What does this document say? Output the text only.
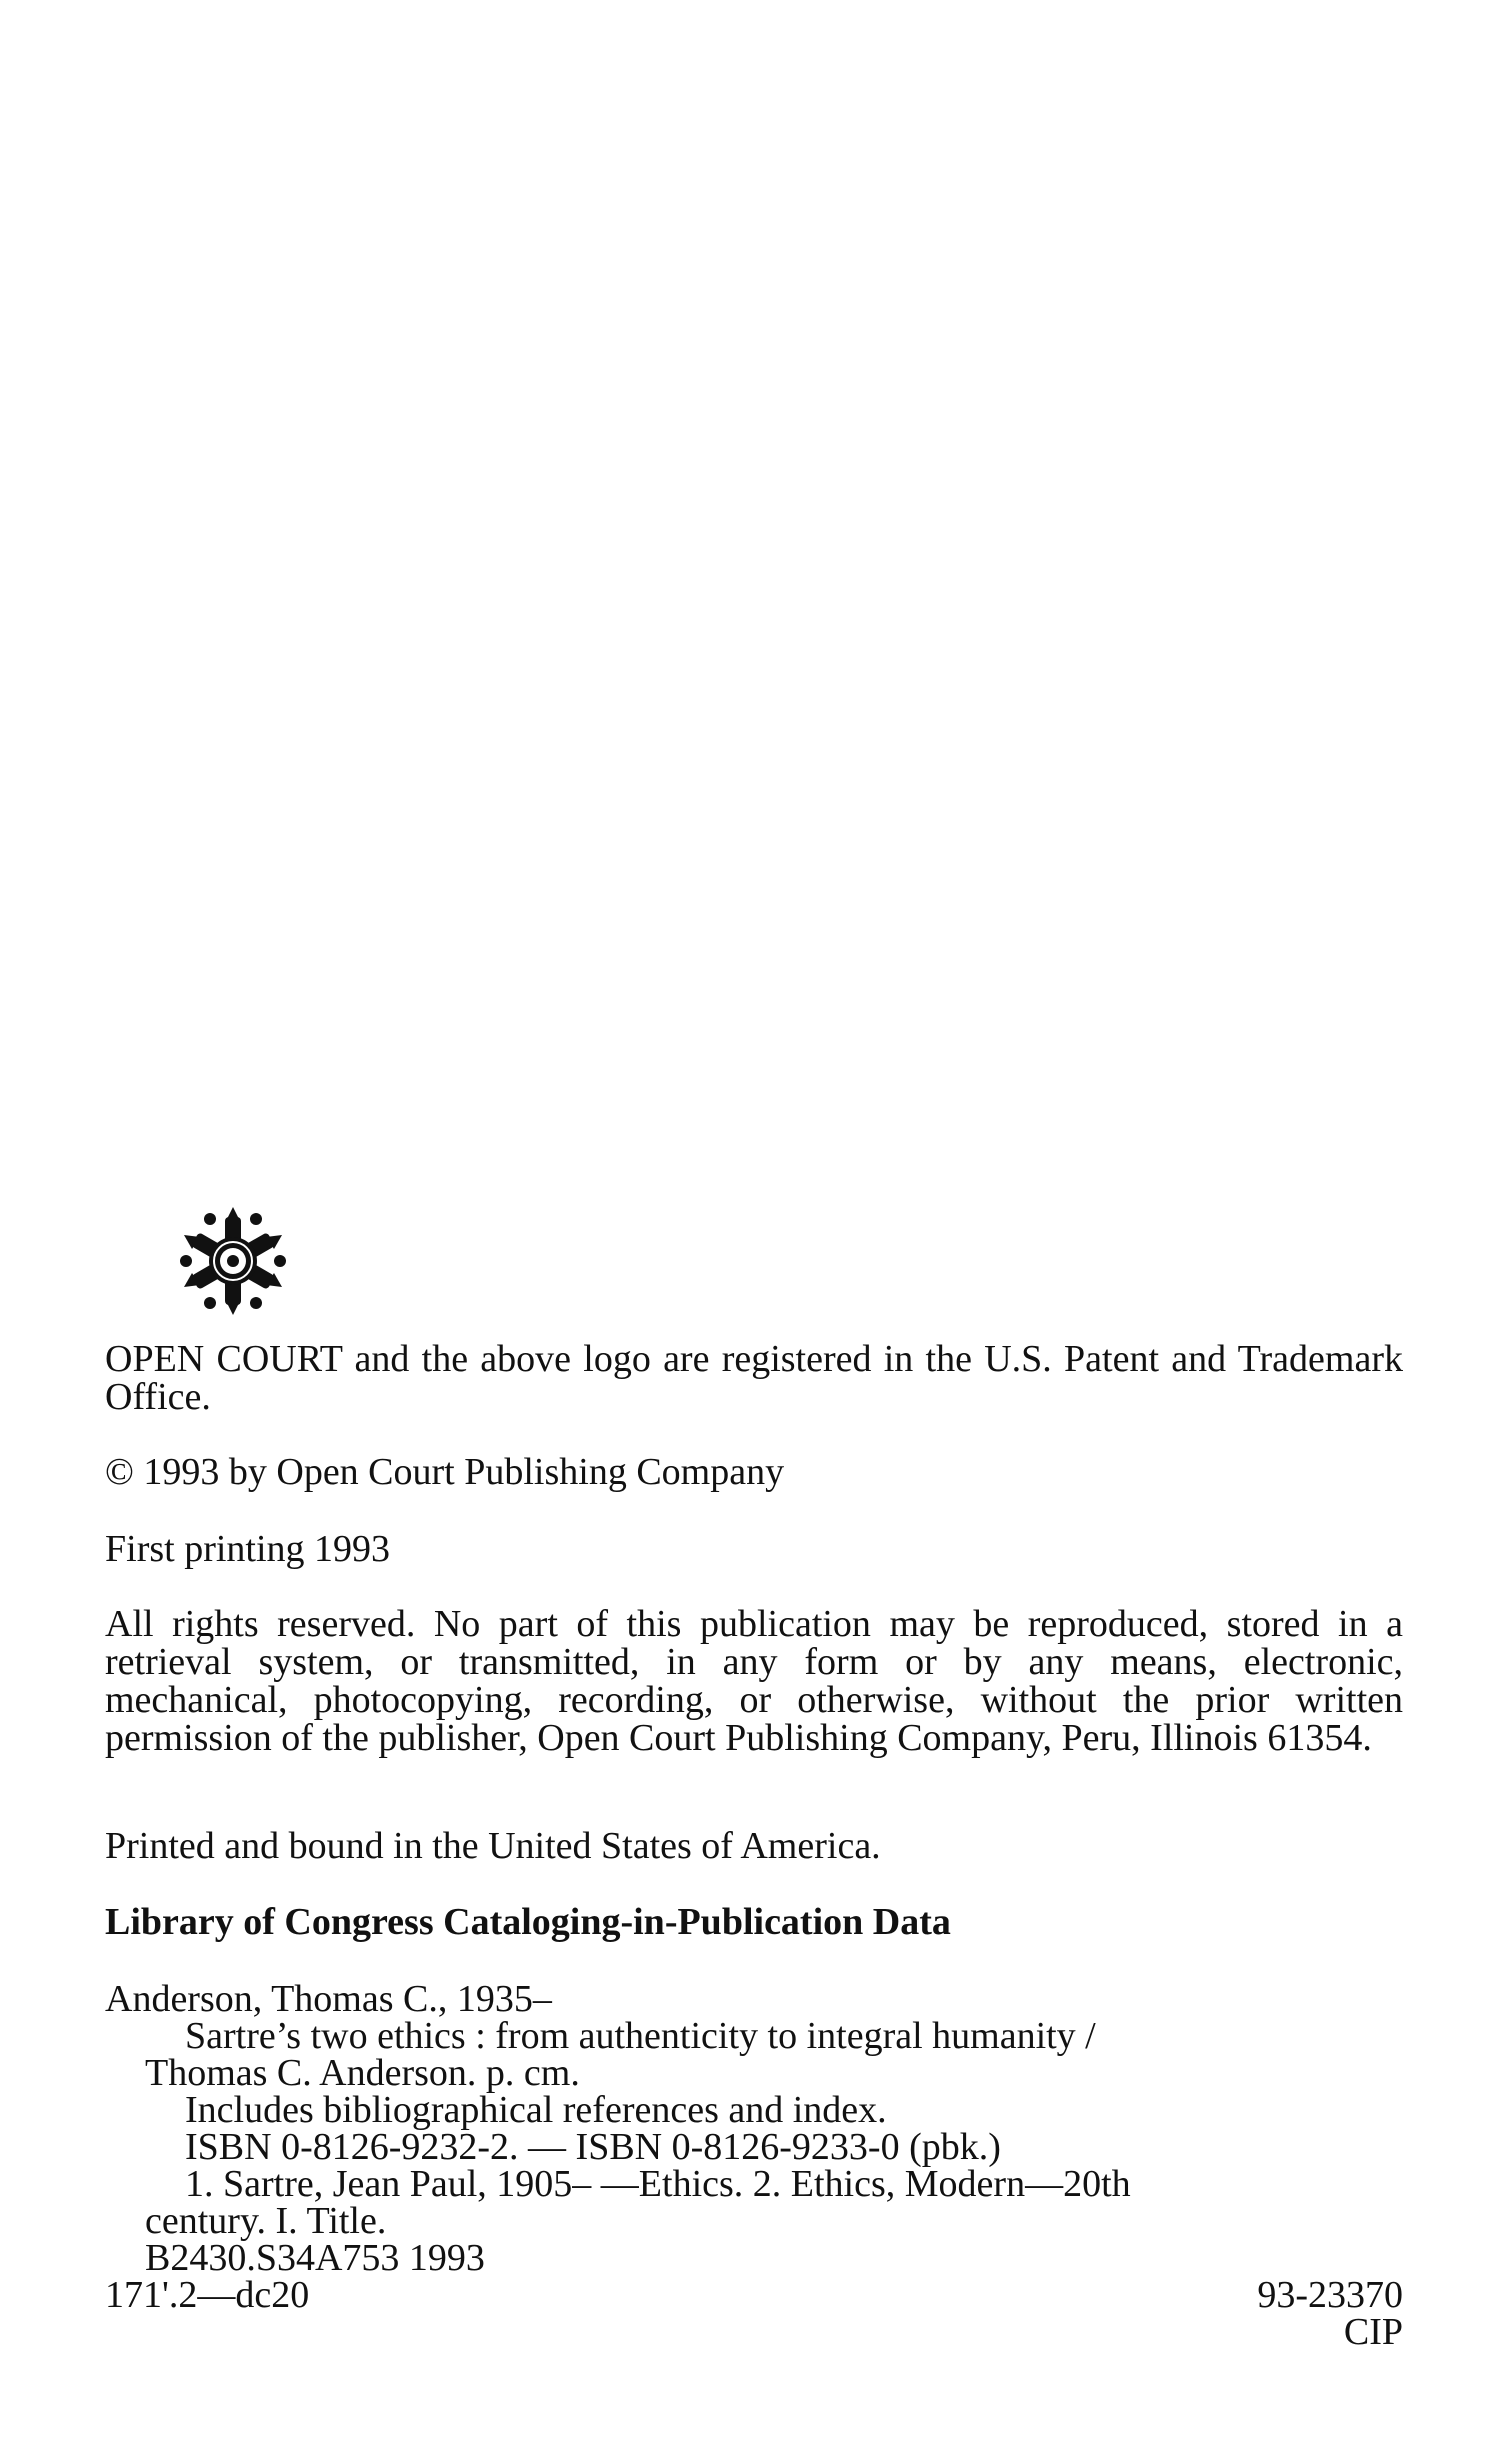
OPEN COURT and the above logo are registered in the U.S. Patent and Trademark Office.
© 1993 by Open Court Publishing Company
First printing 1993
All rights reserved. No part of this publication may be reproduced, stored in a retrieval system, or transmitted, in any form or by any means, electronic, mechanical, photocopying, recording, or otherwise, without the prior written permission of the publisher, Open Court Publishing Company, Peru, Illinois 61354.
Printed and bound in the United States of America.
Library of Congress Cataloging-in-Publication Data
Anderson, Thomas C., 1935–
Sartre’s two ethics : from authenticity to integral humanity /
Thomas C. Anderson. p. cm.
Includes bibliographical references and index.
ISBN 0-8126-9232-2. — ISBN 0-8126-9233-0 (pbk.)
1. Sartre, Jean Paul, 1905– —Ethics. 2. Ethics, Modern—20th
century. I. Title.
B2430.S34A753 1993
171'.2—dc20	93-23370
CIP
